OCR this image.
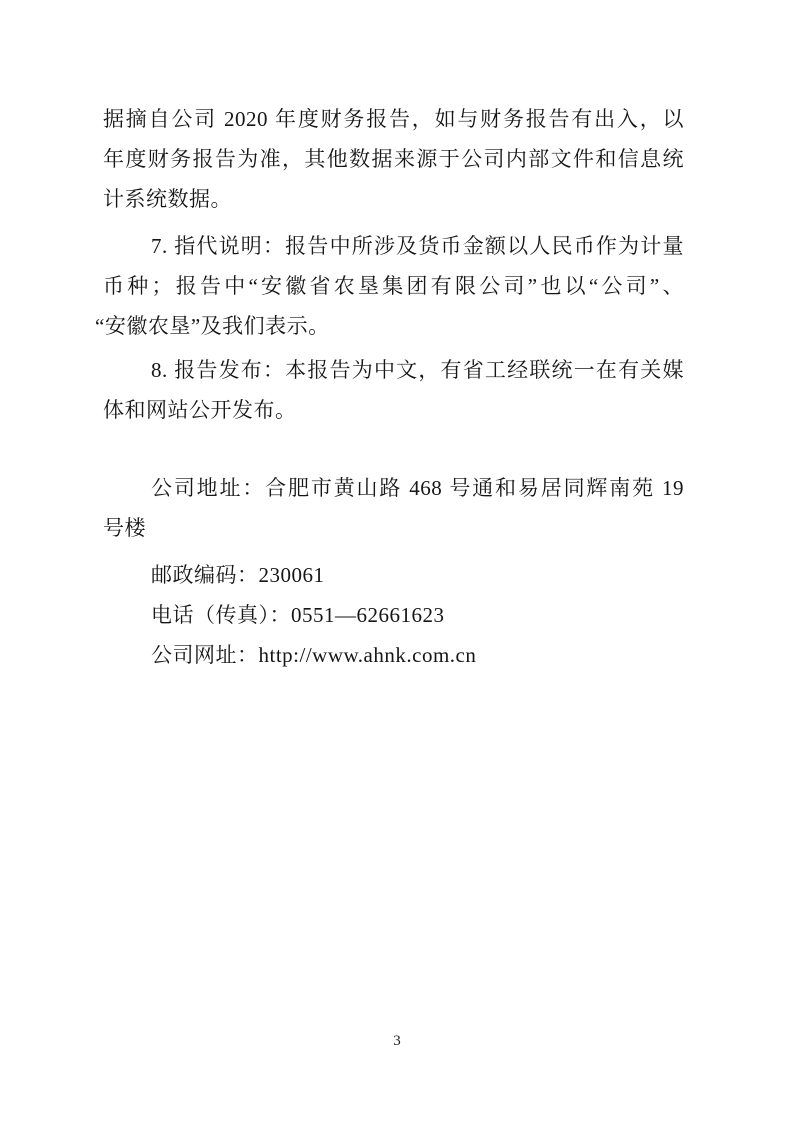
据摘自公司 2020 年度财务报告，如与财务报告有出入，以

年度财务报告为准，其他数据来源于公司内部文件和信息统

计系统数据。

7. 指代说明：报告中所涉及货币金额以人民币作为计量

币种；报告中“安徽省农垦集团有限公司”也以“公司”、

“安徽农垦”及我们表示。

8. 报告发布：本报告为中文，有省工经联统一在有关媒

体和网站公开发布。

公司地址：合肥市黄山路 468 号通和易居同辉南苑 19

号楼

邮政编码：230061

电话（传真）：0551—62661623

公司网址：http://www.ahnk.com.cn

3
